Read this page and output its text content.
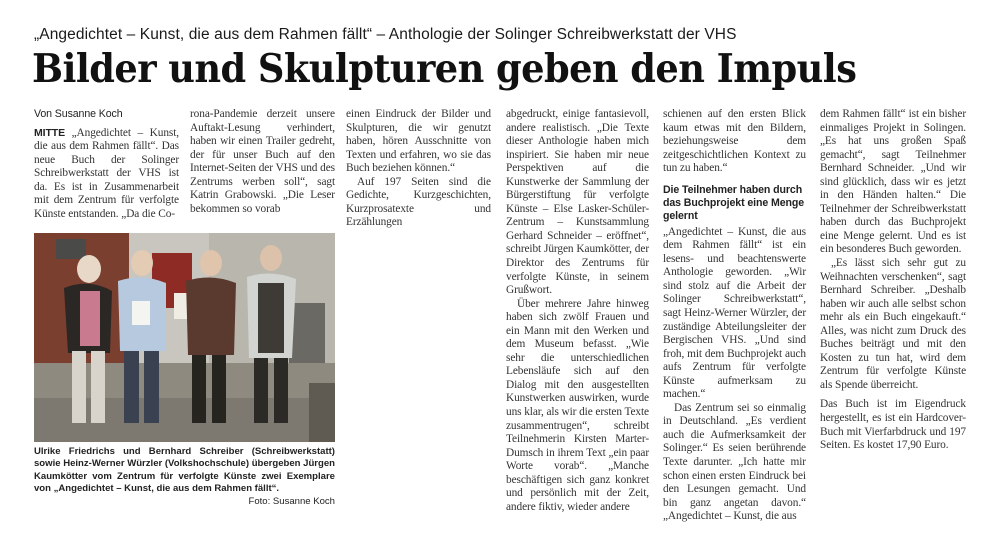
„Angedichtet – Kunst, die aus dem Rahmen fällt“ – Anthologie der Solinger Schreibwerkstatt der VHS
Bilder und Skulpturen geben den Impuls

Von Susanne Koch

MITTE „Angedichtet – Kunst, die aus dem Rahmen fällt“. Das neue Buch der Solinger Schreibwerkstatt der VHS ist da. Es ist in Zusammenarbeit mit dem Zentrum für verfolgte Künste entstanden. „Da die Co-

rona-Pandemie derzeit unsere Auftakt-Lesung verhindert, haben wir einen Trailer gedreht, der für unser Buch auf den Internet-Seiten der VHS und des Zentrums werben soll“, sagt Katrin Grabowski. „Die Leser bekommen so vorab

einen Eindruck der Bilder und Skulpturen, die wir genutzt haben, hören Ausschnitte von Texten und erfahren, wo sie das Buch beziehen können.“

Auf 197 Seiten sind die Gedichte, Kurzgeschichten, Kurzprosatexte und Erzählungen

Ulrike Friedrichs und Bernhard Schreiber (Schreibwerkstatt) sowie Heinz-Werner Würzler (Volkshochschule) übergeben Jürgen Kaumkötter vom Zentrum für verfolgte Künste zwei Exemplare von „Angedichtet – Kunst, die aus dem Rahmen fällt“.
Foto: Susanne Koch

abgedruckt, einige fantasievoll, andere realistisch. „Die Texte dieser Anthologie haben mich inspiriert. Sie haben mir neue Perspektiven auf die Kunstwerke der Sammlung der Bürgerstiftung für verfolgte Künste – Else Lasker-Schüler-Zentrum – Kunstsammlung Gerhard Schneider – eröffnet“, schreibt Jürgen Kaumkötter, der Direktor des Zentrums für verfolgte Künste, in seinem Grußwort.

Über mehrere Jahre hinweg haben sich zwölf Frauen und ein Mann mit den Werken und dem Museum befasst. „Wie sehr die unterschiedlichen Lebensläufe sich auf den Dialog mit den ausgestellten Kunstwerken auswirken, wurde uns klar, als wir die ersten Texte zusammentrugen“, schreibt Teilnehmerin Kirsten Marter-Dumsch in ihrem Text „ein paar Worte vorab“. „Manche beschäftigen sich ganz konkret und persönlich mit der Zeit, andere fiktiv, wieder andere

schienen auf den ersten Blick kaum etwas mit den Bildern, beziehungsweise dem zeitgeschichtlichen Kontext zu tun zu haben.“

Die Teilnehmer haben durch das Buchprojekt eine Menge gelernt

„Angedichtet – Kunst, die aus dem Rahmen fällt“ ist ein lesens- und beachtenswerte Anthologie geworden. „Wir sind stolz auf die Arbeit der Solinger Schreibwerkstatt“, sagt Heinz-Werner Würzler, der zuständige Abteilungsleiter der Bergischen VHS. „Und sind froh, mit dem Buchprojekt auch aufs Zentrum für verfolgte Künste aufmerksam zu machen.“

Das Zentrum sei so einmalig in Deutschland. „Es verdient auch die Aufmerksamkeit der Solinger.“ Es seien berührende Texte darunter. „Ich hatte mir schon einen ersten Eindruck bei den Lesungen gemacht. Und bin ganz angetan davon.“ „Angedichtet – Kunst, die aus

dem Rahmen fällt“ ist ein bisher einmaliges Projekt in Solingen. „Es hat uns großen Spaß gemacht“, sagt Teilnehmer Bernhard Schneider. „Und wir sind glücklich, dass wir es jetzt in den Händen halten.“ Die Teilnehmer der Schreibwerkstatt haben durch das Buchprojekt eine Menge gelernt. Und es ist ein besonderes Buch geworden.

„Es lässt sich sehr gut zu Weihnachten verschenken“, sagt Bernhard Schreiber. „Deshalb haben wir auch alle selbst schon mehr als ein Buch eingekauft.“ Alles, was nicht zum Druck des Buches beiträgt und mit den Kosten zu tun hat, wird dem Zentrum für verfolgte Künste als Spende überreicht.

Das Buch ist im Eigendruck hergestellt, es ist ein Hardcover-Buch mit Vierfarbdruck und 197 Seiten. Es kostet 17,90 Euro.
